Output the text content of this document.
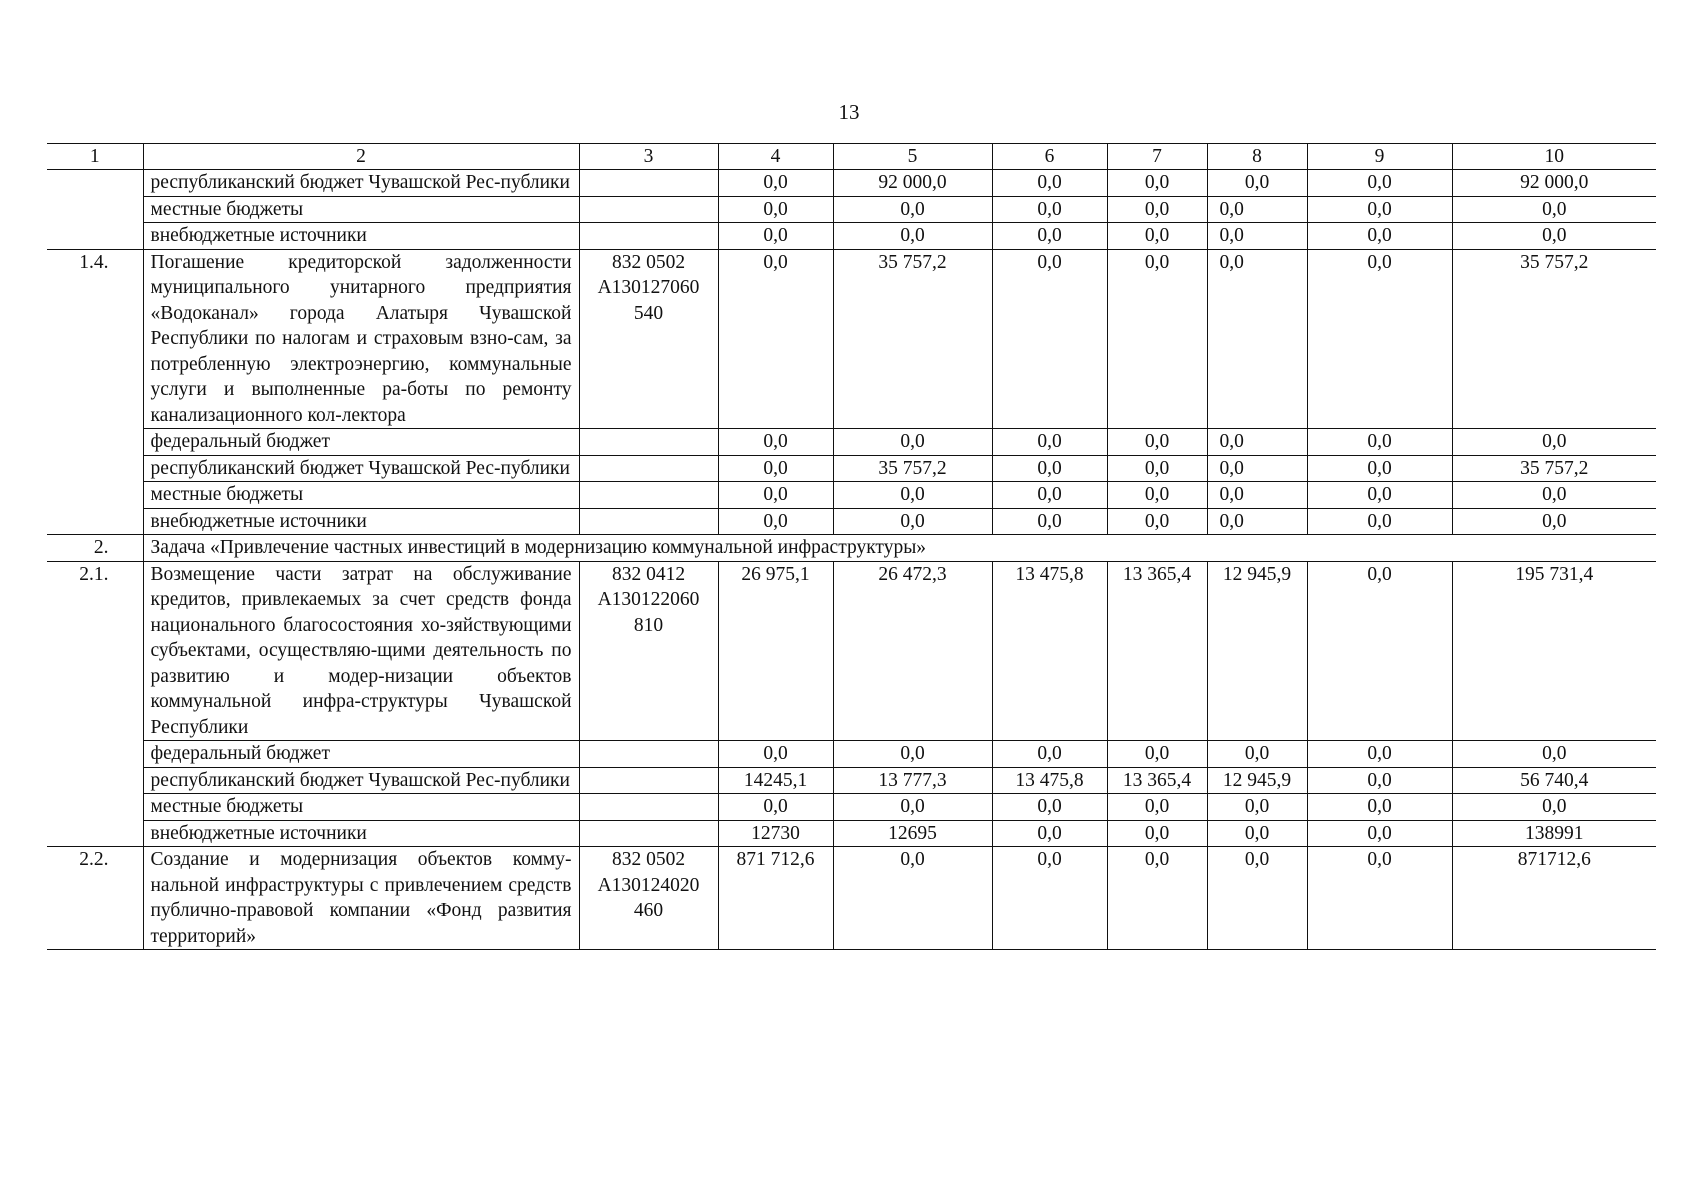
13
1	2	3	4	5	6	7	8	9	10
	республиканский бюджет Чувашской Рес-публики		0,0	92 000,0	0,0	0,0	0,0	0,0	92 000,0
	местные бюджеты		0,0	0,0	0,0	0,0	0,0	0,0	0,0
	внебюджетные источники		0,0	0,0	0,0	0,0	0,0	0,0	0,0
1.4.	Погашение кредиторской задолженности муниципального унитарного предприятия «Водоканал» города Алатыря Чувашской Республики по налогам и страховым взно-сам, за потребленную электроэнергию, коммунальные услуги и выполненные ра-боты по ремонту канализационного кол-лектора	832 0502 А130127060 540	0,0	35 757,2	0,0	0,0	0,0	0,0	35 757,2
	федеральный бюджет		0,0	0,0	0,0	0,0	0,0	0,0	0,0
	республиканский бюджет Чувашской Рес-публики		0,0	35 757,2	0,0	0,0	0,0	0,0	35 757,2
	местные бюджеты		0,0	0,0	0,0	0,0	0,0	0,0	0,0
	внебюджетные источники		0,0	0,0	0,0	0,0	0,0	0,0	0,0
2.	Задача «Привлечение частных инвестиций в модернизацию коммунальной инфраструктуры»								
2.1.	Возмещение части затрат на обслуживание кредитов, привлекаемых за счет средств фонда национального благосостояния хо-зяйствующими субъектами, осуществляю-щими деятельность по развитию и модер-низации объектов коммунальной инфра-структуры Чувашской Республики	832 0412 А130122060 810	26 975,1	26 472,3	13 475,8	13 365,4	12 945,9	0,0	195 731,4
	федеральный бюджет		0,0	0,0	0,0	0,0	0,0	0,0	0,0
	республиканский бюджет Чувашской Рес-публики		14245,1	13 777,3	13 475,8	13 365,4	12 945,9	0,0	56 740,4
	местные бюджеты		0,0	0,0	0,0	0,0	0,0	0,0	0,0
	внебюджетные источники		12730	12695	0,0	0,0	0,0	0,0	138991
2.2.	Создание и модернизация объектов комму-нальной инфраструктуры с привлечением средств публично-правовой компании «Фонд развития территорий»	832 0502 А130124020 460	871 712,6	0,0	0,0	0,0	0,0	0,0	871712,6
